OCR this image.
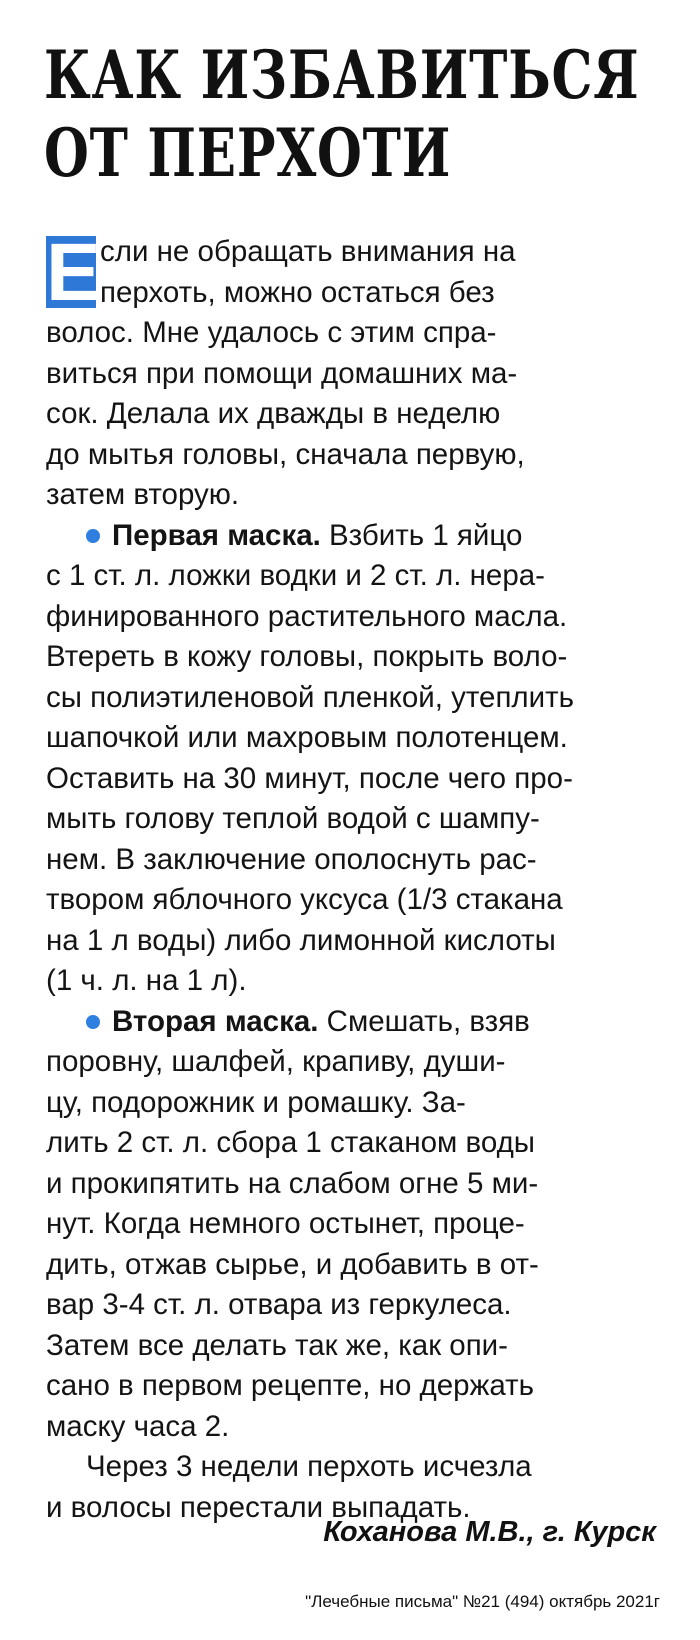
КАК ИЗБАВИТЬСЯ
ОТ ПЕРХОТИ
Е сли не обращать внимания на
перхоть, можно остаться без
волос. Мне удалось с этим спра-
виться при помощи домашних ма-
сок. Делала их дважды в неделю
до мытья головы, сначала первую,
затем вторую.
Первая маска. Взбить 1 яйцо
с 1 ст. л. ложки водки и 2 ст. л. нера-
финированного растительного масла.
Втереть в кожу головы, покрыть воло-
сы полиэтиленовой пленкой, утеплить
шапочкой или махровым полотенцем.
Оставить на 30 минут, после чего про-
мыть голову теплой водой с шампу-
нем. В заключение ополоснуть рас-
твором яблочного уксуса (1/3 стакана
на 1 л воды) либо лимонной кислоты
(1 ч. л. на 1 л).
Вторая маска. Смешать, взяв
поровну, шалфей, крапиву, души-
цу, подорожник и ромашку. За-
лить 2 ст. л. сбора 1 стаканом воды
и прокипятить на слабом огне 5 ми-
нут. Когда немного остынет, проце-
дить, отжав сырье, и добавить в от-
вар 3-4 ст. л. отвара из геркулеса.
Затем все делать так же, как опи-
сано в первом рецепте, но держать
маску часа 2.
Через 3 недели перхоть исчезла
и волосы перестали выпадать.
Коханова М.В., г. Курск
"Лечебные письма" №21 (494) октябрь 2021г
